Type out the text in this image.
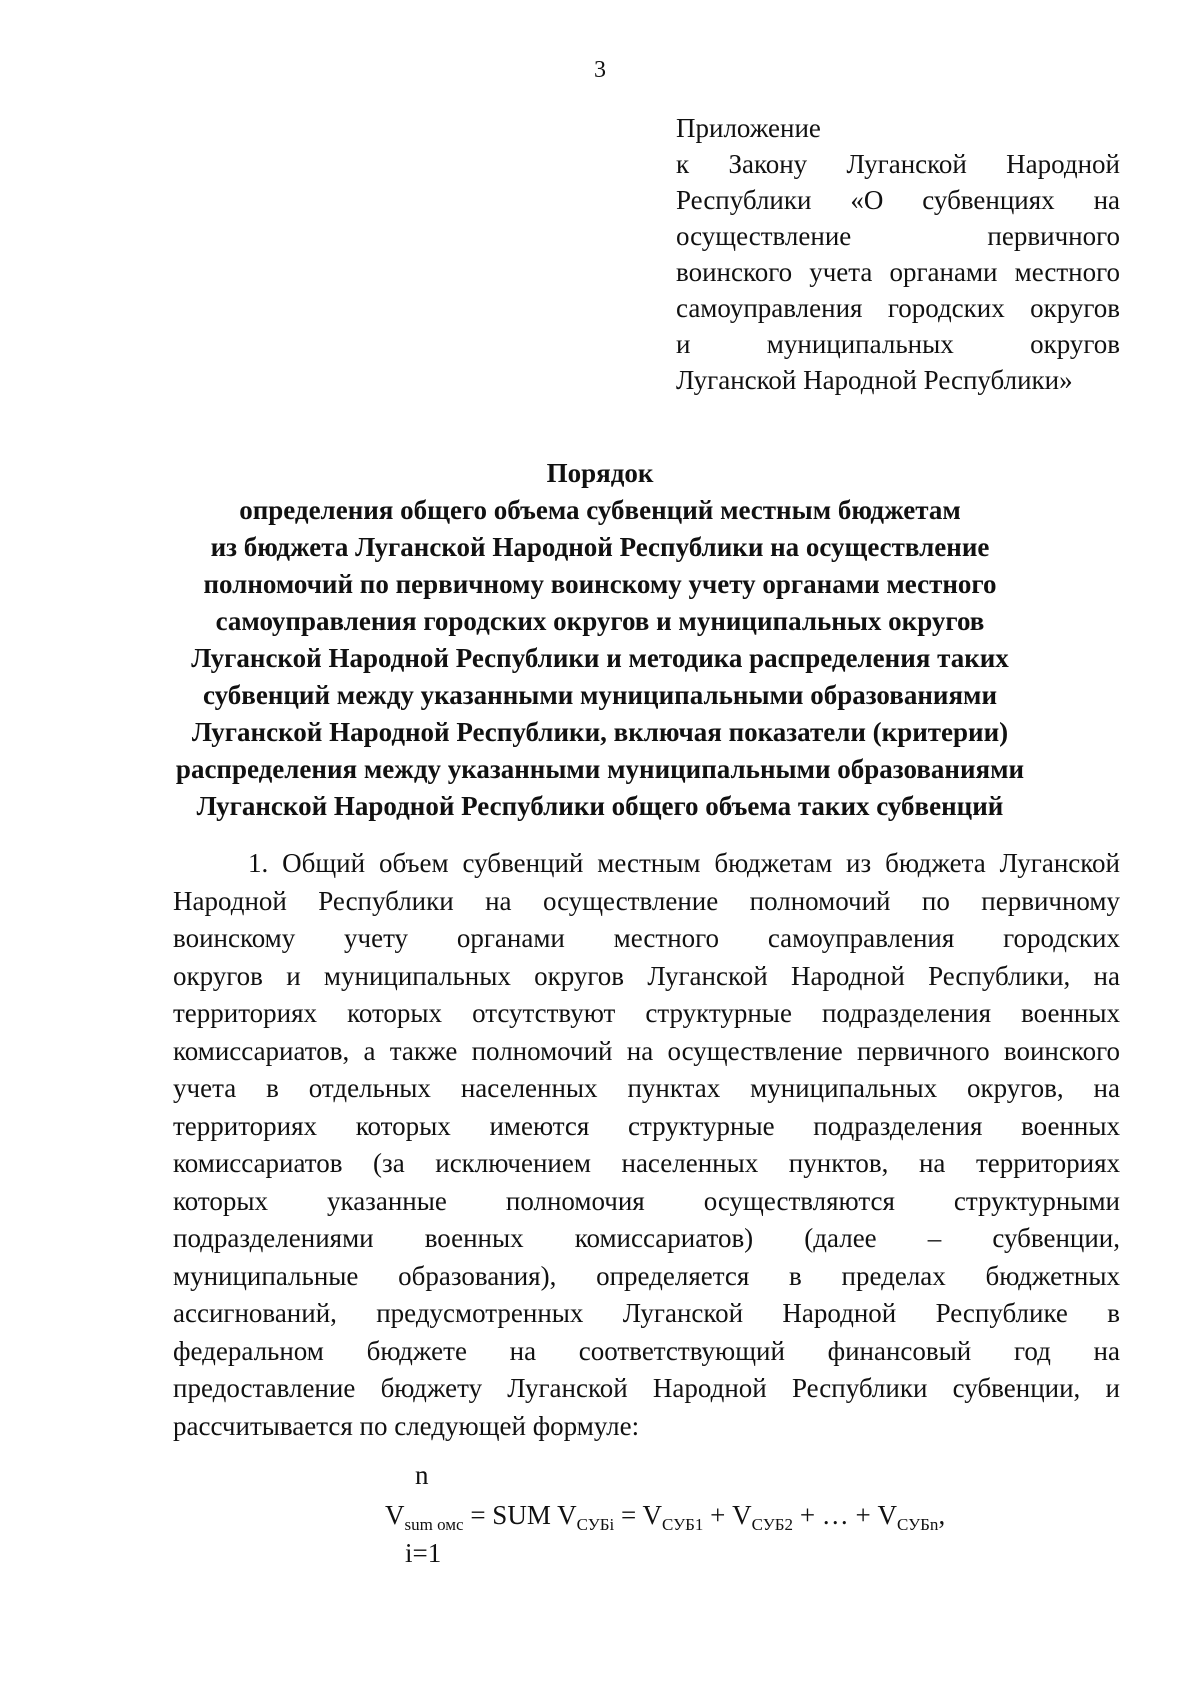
3
Приложение
к Закону Луганской Народной
Республики «О субвенциях на
осуществление первичного
воинского учета органами местного
самоуправления городских округов
и муниципальных округов
Луганской Народной Республики»
Порядок
определения общего объема субвенций местным бюджетам
из бюджета Луганской Народной Республики на осуществление
полномочий по первичному воинскому учету органами местного
самоуправления городских округов и муниципальных округов
Луганской Народной Республики и методика распределения таких
субвенций между указанными муниципальными образованиями
Луганской Народной Республики, включая показатели (критерии)
распределения между указанными муниципальными образованиями
Луганской Народной Республики общего объема таких субвенций
1. Общий объем субвенций местным бюджетам из бюджета Луганской
Народной Республики на осуществление полномочий по первичному
воинскому учету органами местного самоуправления городских
округов и муниципальных округов Луганской Народной Республики, на
территориях которых отсутствуют структурные подразделения военных
комиссариатов, а также полномочий на осуществление первичного воинского
учета в отдельных населенных пунктах муниципальных округов, на
территориях которых имеются структурные подразделения военных
комиссариатов (за исключением населенных пунктов, на территориях
которых указанные полномочия осуществляются структурными
подразделениями военных комиссариатов) (далее – субвенции,
муниципальные образования), определяется в пределах бюджетных
ассигнований, предусмотренных Луганской Народной Республике в
федеральном бюджете на соответствующий финансовый год на
предоставление бюджету Луганской Народной Республики субвенции, и
рассчитывается по следующей формуле:
n
$V_{sum омс}$ = SUM $V_{СУБi} = V_{СУБ1} + V_{СУБ2}$ + … + $V_{СУБn}$,
i=1
